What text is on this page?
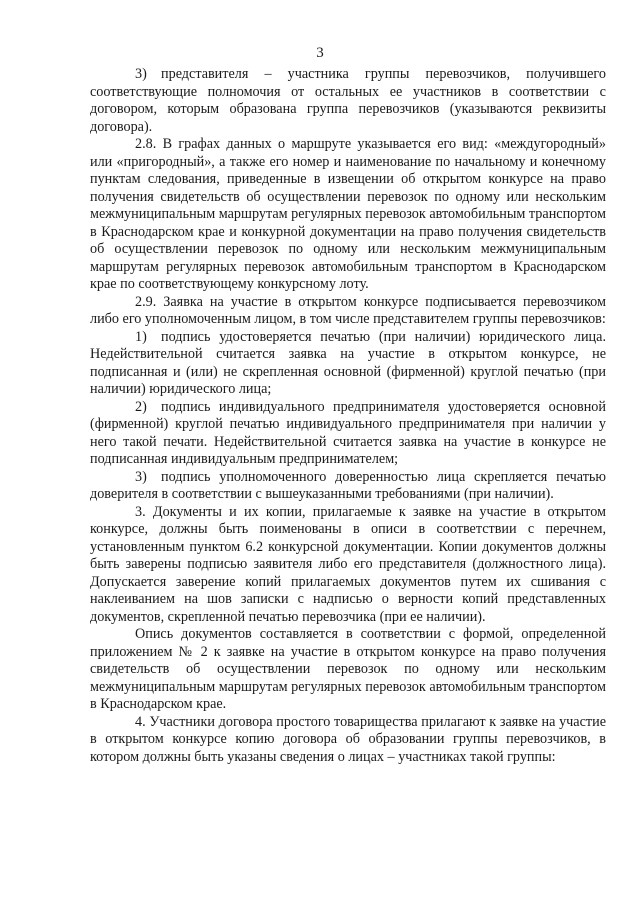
3

3) представителя – участника группы перевозчиков, получившего соответствующие полномочия от остальных ее участников в соответствии с договором, которым образована группа перевозчиков (указываются реквизиты договора).

2.8. В графах данных о маршруте указывается его вид: «междугородный» или «пригородный», а также его номер и наименование по начальному и конечному пунктам следования, приведенные в извещении об открытом конкурсе на право получения свидетельств об осуществлении перевозок по одному или нескольким межмуниципальным маршрутам регулярных перевозок автомобильным транспортом в Краснодарском крае и конкурной документации на право получения свидетельств об осуществлении перевозок по одному или нескольким межмуниципальным маршрутам регулярных перевозок автомобильным транспортом в Краснодарском крае по соответствующему конкурсному лоту.

2.9. Заявка на участие в открытом конкурсе подписывается перевозчиком либо его уполномоченным лицом, в том числе представителем группы перевозчиков:

1) подпись удостоверяется печатью (при наличии) юридического лица. Недействительной считается заявка на участие в открытом конкурсе, не подписанная и (или) не скрепленная основной (фирменной) круглой печатью (при наличии) юридического лица;

2) подпись индивидуального предпринимателя удостоверяется основной (фирменной) круглой печатью индивидуального предпринимателя при наличии у него такой печати. Недействительной считается заявка на участие в конкурсе не подписанная индивидуальным предпринимателем;

3) подпись уполномоченного доверенностью лица скрепляется печатью доверителя в соответствии с вышеуказанными требованиями (при наличии).

3. Документы и их копии, прилагаемые к заявке на участие в открытом конкурсе, должны быть поименованы в описи в соответствии с перечнем, установленным пунктом 6.2 конкурсной документации. Копии документов должны быть заверены подписью заявителя либо его представителя (должностного лица). Допускается заверение копий прилагаемых документов путем их сшивания с наклеиванием на шов записки с надписью о верности копий представленных документов, скрепленной печатью перевозчика (при ее наличии).

Опись документов составляется в соответствии с формой, определенной приложением № 2 к заявке на участие в открытом конкурсе на право получения свидетельств об осуществлении перевозок по одному или нескольким межмуниципальным маршрутам регулярных перевозок автомобильным транспортом в Краснодарском крае.

4. Участники договора простого товарищества прилагают к заявке на участие в открытом конкурсе копию договора об образовании группы перевозчиков, в котором должны быть указаны сведения о лицах – участниках такой группы:
